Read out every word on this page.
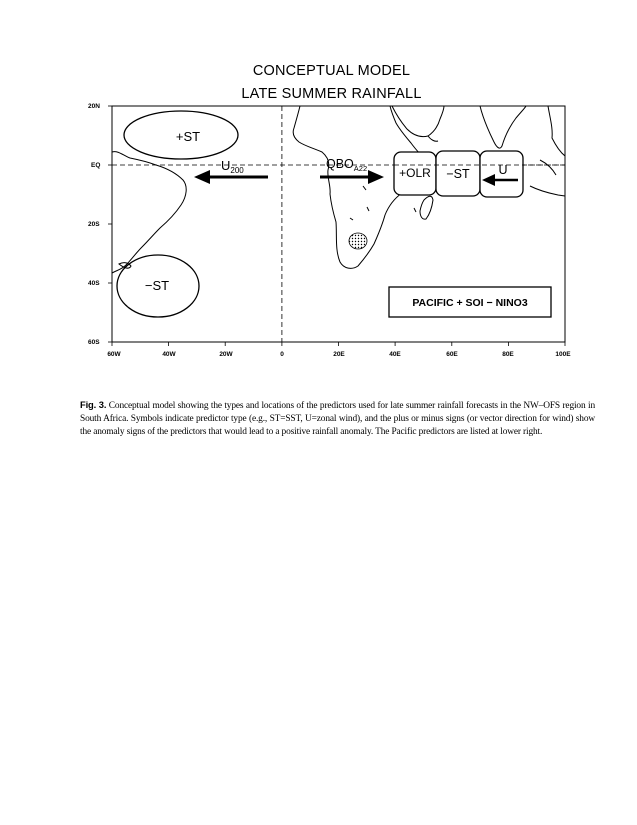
CONCEPTUAL MODEL
LATE SUMMER RAINFALL
20N
EQ
20S
40S
60S
60W	40W	20W	0	20E	40E	60E	80E	100E
+ST
−ST
$U_{200}$	$QBO_{A22}$	+OLR −ST U
PACIFIC + SOI − NINO3
Fig. 3. Conceptual model showing the types and locations of the predictors used for late summer rainfall forecasts in the NW–OFS region in South Africa. Symbols indicate predictor type (e.g., ST=SST, U=zonal wind), and the plus or minus signs (or vector direction for wind) show the anomaly signs of the predictors that would lead to a positive rainfall anomaly. The Pacific predictors are listed at lower right.
